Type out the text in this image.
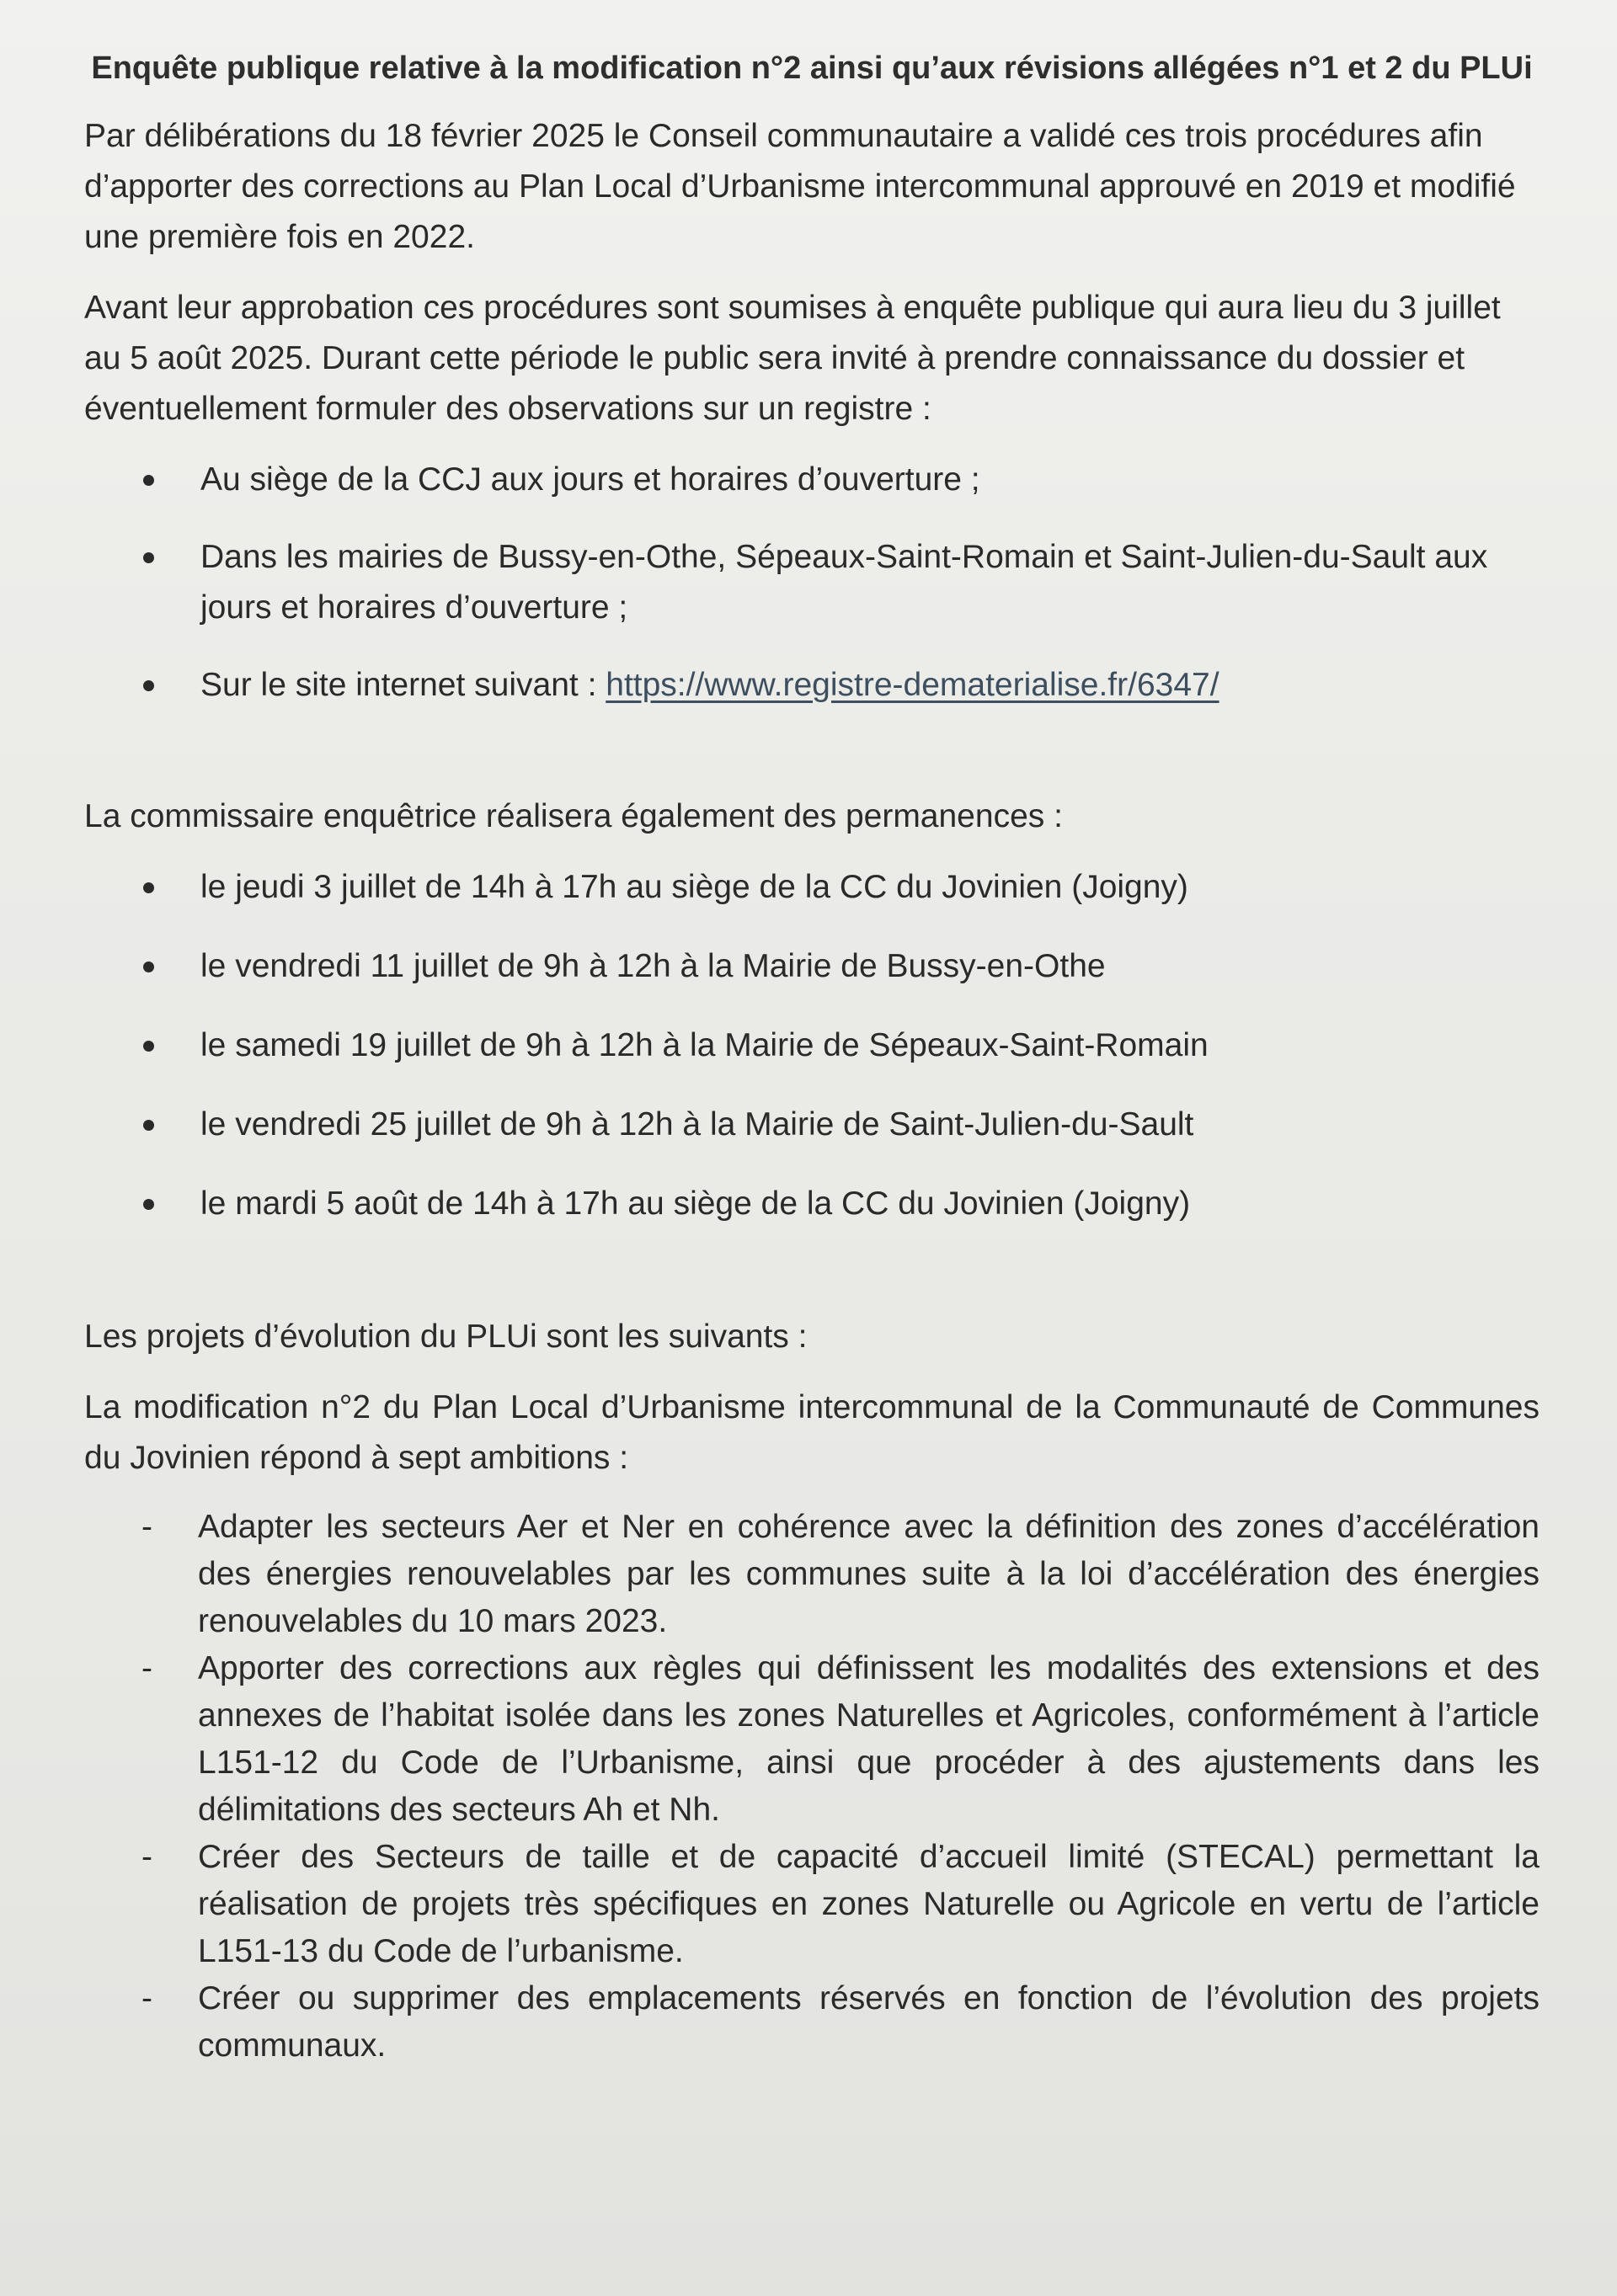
Enquête publique relative à la modification n°2 ainsi qu’aux révisions allégées n°1 et 2 du PLUi

Par délibérations du 18 février 2025 le Conseil communautaire a validé ces trois procédures afin d’apporter des corrections au Plan Local d’Urbanisme intercommunal approuvé en 2019 et modifié une première fois en 2022.

Avant leur approbation ces procédures sont soumises à enquête publique qui aura lieu du 3 juillet au 5 août 2025. Durant cette période le public sera invité à prendre connaissance du dossier et éventuellement formuler des observations sur un registre :

Au siège de la CCJ aux jours et horaires d’ouverture ;
Dans les mairies de Bussy-en-Othe, Sépeaux-Saint-Romain et Saint-Julien-du-Sault aux jours et horaires d’ouverture ;
Sur le site internet suivant : https://www.registre-dematerialise.fr/6347/

La commissaire enquêtrice réalisera également des permanences :

le jeudi 3 juillet de 14h à 17h au siège de la CC du Jovinien (Joigny)
le vendredi 11 juillet de 9h à 12h à la Mairie de Bussy-en-Othe
le samedi 19 juillet de 9h à 12h à la Mairie de Sépeaux-Saint-Romain
le vendredi 25 juillet de 9h à 12h à la Mairie de Saint-Julien-du-Sault
le mardi 5 août de 14h à 17h au siège de la CC du Jovinien (Joigny)

Les projets d’évolution du PLUi sont les suivants :

La modification n°2 du Plan Local d’Urbanisme intercommunal de la Communauté de Communes du Jovinien répond à sept ambitions :

- Adapter les secteurs Aer et Ner en cohérence avec la définition des zones d’accélération des énergies renouvelables par les communes suite à la loi d’accélération des énergies renouvelables du 10 mars 2023.
- Apporter des corrections aux règles qui définissent les modalités des extensions et des annexes de l’habitat isolée dans les zones Naturelles et Agricoles, conformément à l’article L151-12 du Code de l’Urbanisme, ainsi que procéder à des ajustements dans les délimitations des secteurs Ah et Nh.
- Créer des Secteurs de taille et de capacité d’accueil limité (STECAL) permettant la réalisation de projets très spécifiques en zones Naturelle ou Agricole en vertu de l’article L151-13 du Code de l’urbanisme.
- Créer ou supprimer des emplacements réservés en fonction de l’évolution des projets communaux.
